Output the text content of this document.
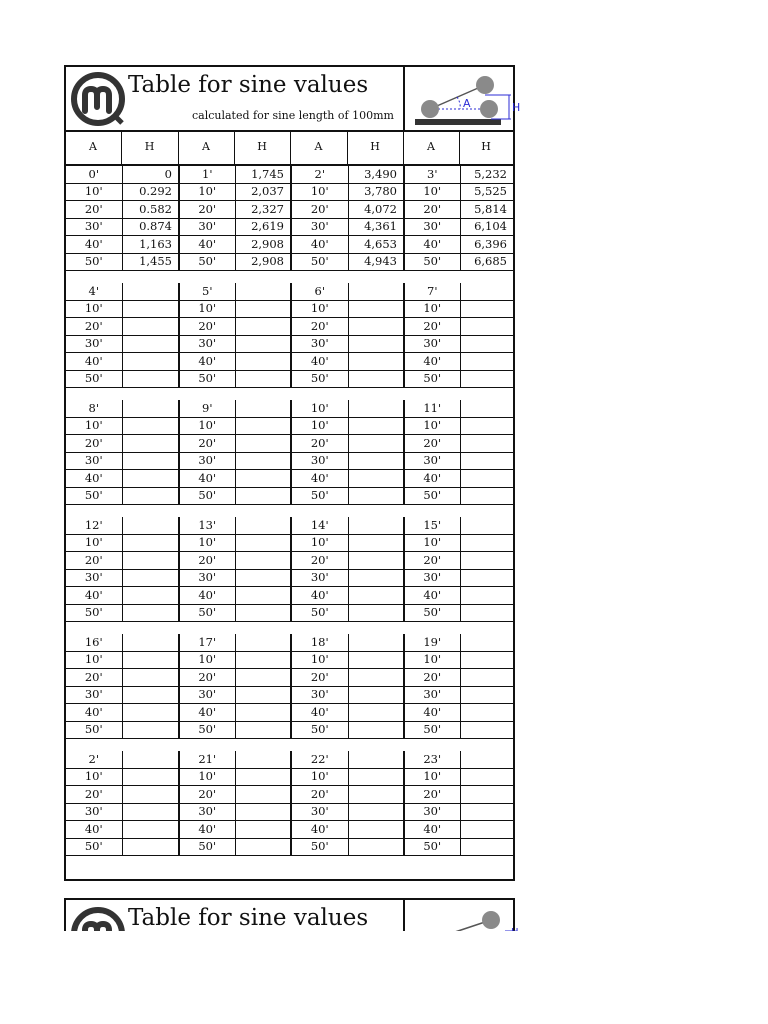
Table for sine values
calculated for sine length of 100mm
A	H
A	H	A	H	A	H	A	H
0'	0	1'	1,745	2'	3,490	3'	5,232
10'	0.292	10'	2,037	10'	3,780	10'	5,525
20'	0.582	20'	2,327	20'	4,072	20'	5,814
30'	0.874	30'	2,619	30'	4,361	30'	6,104
40'	1,163	40'	2,908	40'	4,653	40'	6,396
50'	1,455	50'	2,908	50'	4,943	50'	6,685
4'		5'		6'		7'	
10'		10'		10'		10'	
20'		20'		20'		20'	
30'		30'		30'		30'	
40'		40'		40'		40'	
50'		50'		50'		50'	
8'		9'		10'		11'	
10'		10'		10'		10'	
20'		20'		20'		20'	
30'		30'		30'		30'	
40'		40'		40'		40'	
50'		50'		50'		50'	
12'		13'		14'		15'	
10'		10'		10'		10'	
20'		20'		20'		20'	
30'		30'		30'		30'	
40'		40'		40'		40'	
50'		50'		50'		50'	
16'		17'		18'		19'	
10'		10'		10'		10'	
20'		20'		20'		20'	
30'		30'		30'		30'	
40'		40'		40'		40'	
50'		50'		50'		50'	
2'		21'		22'		23'	
10'		10'		10'		10'	
20'		20'		20'		20'	
30'		30'		30'		30'	
40'		40'		40'		40'	
50'		50'		50'		50'	
Table for sine values
